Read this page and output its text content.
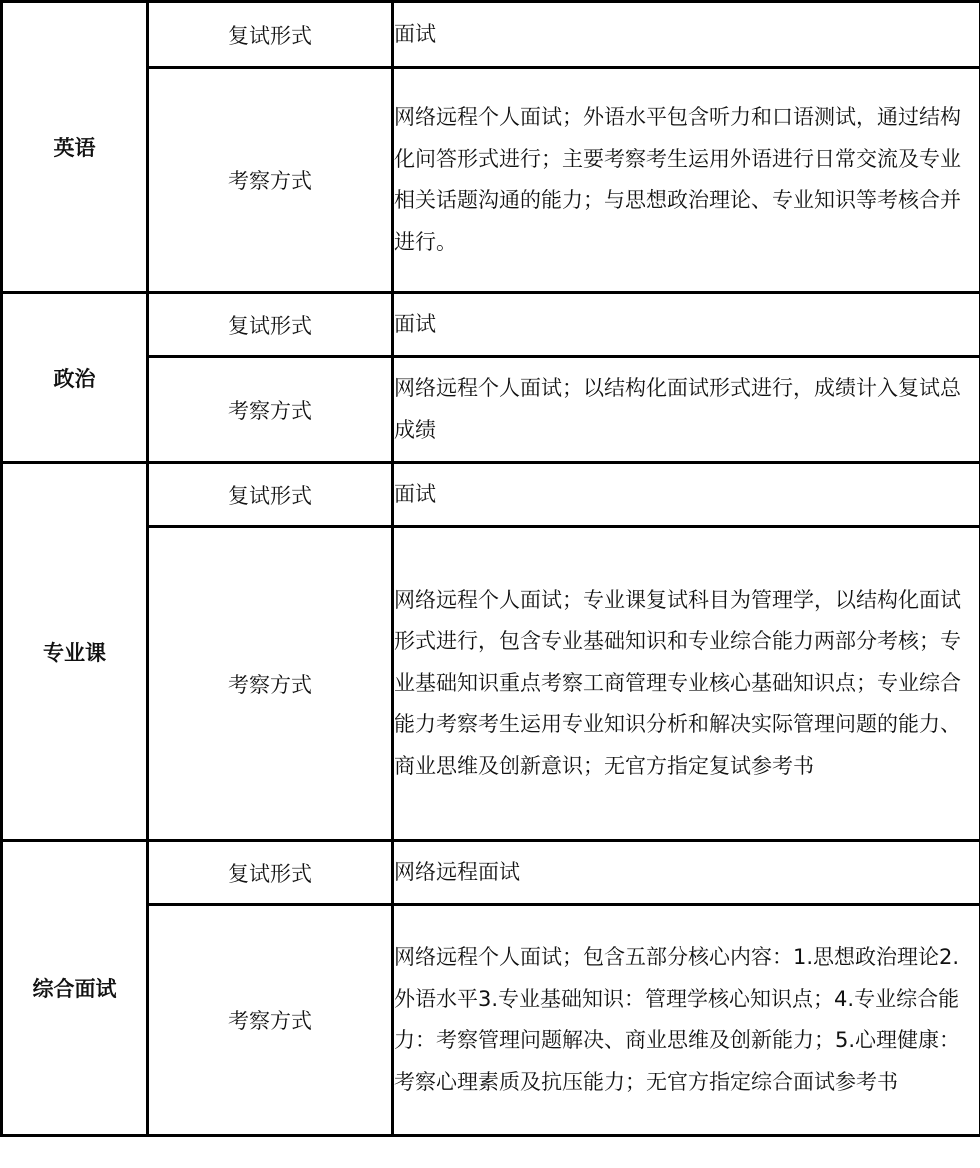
英语	复试形式	面试
	考察方式	网络远程个人面试；外语水平包含听力和口语测试，通过结构化问答形式进行；主要考察考生运用外语进行日常交流及专业相关话题沟通的能力；与思想政治理论、专业知识等考核合并进行。
政治	复试形式	面试
	考察方式	网络远程个人面试；以结构化面试形式进行，成绩计入复试总成绩
专业课	复试形式	面试
	考察方式	网络远程个人面试；专业课复试科目为管理学，以结构化面试形式进行，包含专业基础知识和专业综合能力两部分考核；专业基础知识重点考察工商管理专业核心基础知识点；专业综合能力考察考生运用专业知识分析和解决实际管理问题的能力、商业思维及创新意识；无官方指定复试参考书
综合面试	复试形式	网络远程面试
	考察方式	网络远程个人面试；包含五部分核心内容：1.思想政治理论2.外语水平3.专业基础知识：管理学核心知识点；4.专业综合能力：考察管理问题解决、商业思维及创新能力；5.心理健康：考察心理素质及抗压能力；无官方指定综合面试参考书
